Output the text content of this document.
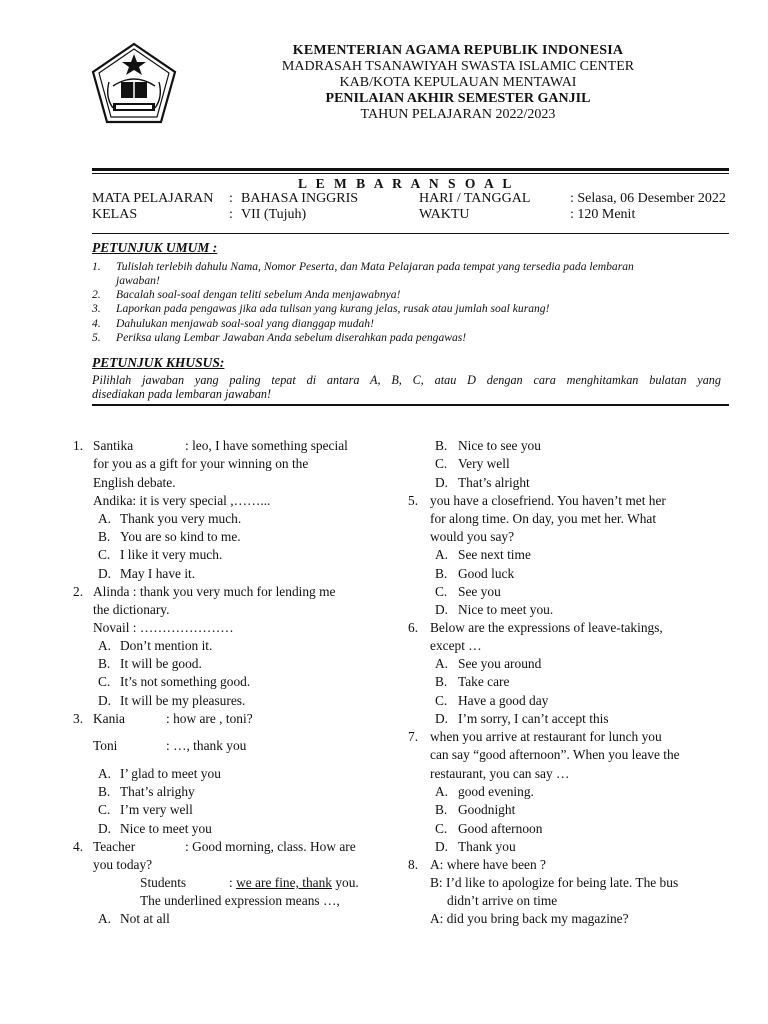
KEMENTERIAN AGAMA REPUBLIK INDONESIA
MADRASAH TSANAWIYAH SWASTA ISLAMIC CENTER
KAB/KOTA KEPULAUAN MENTAWAI
PENILAIAN AKHIR SEMESTER GANJIL
TAHUN PELAJARAN 2022/2023
L E M B A R A N S O A L
MATA PELAJARAN : BAHASA INGGRIS	HARI / TANGGAL	: Selasa, 06 Desember 2022
KELAS	: VII (Tujuh)	WAKTU	: 120 Menit
PETUNJUK UMUM :
1. Tulislah terlebih dahulu Nama, Nomor Peserta, dan Mata Pelajaran pada tempat yang tersedia pada lembaran
jawaban!
2. Bacalah soal-soal dengan teliti sebelum Anda menjawabnya!
3. Laporkan pada pengawas jika ada tulisan yang kurang jelas, rusak atau jumlah soal kurang!
4. Dahulukan menjawab soal-soal yang dianggap mudah!
5. Periksa ulang Lembar Jawaban Anda sebelum diserahkan pada pengawas!
PETUNJUK KHUSUS:
Pilihlah jawaban yang paling tepat di antara A, B, C, atau D dengan cara menghitamkan bulatan yang
disediakan pada lembaran jawaban!
1. Santika	: leo, I have something special
for you as a gift for your winning on the
English debate.
Andika: it is very special ,……...
A. Thank you very much.
B. You are so kind to me.
C. I like it very much.
D. May I have it.
2. Alinda : thank you very much for lending me
the dictionary.
Novail : …………………
A. Don’t mention it.
B. It will be good.
C. It’s not something good.
D. It will be my pleasures.
3. Kania	: how are , toni?
Toni	: …, thank you
A. I’ glad to meet you
B. That’s alrighy
C. I’m very well
D. Nice to meet you
4. Teacher	: Good morning, class. How are
you today?
Students	: we are fine, thank you.
The underlined expression means …,
A. Not at all
B. Nice to see you
C. Very well
D. That’s alright
5. you have a closefriend. You haven’t met her
for along time. On day, you met her. What
would you say?
A. See next time
B. Good luck
C. See you
D. Nice to meet you.
6. Below are the expressions of leave-takings,
except …
A. See you around
B. Take care
C. Have a good day
D. I’m sorry, I can’t accept this
7. when you arrive at restaurant for lunch you
can say “good afternoon”. When you leave the
restaurant, you can say …
A. good evening.
B. Goodnight
C. Good afternoon
D. Thank you
8. A: where have been ?
B: I’d like to apologize for being late. The bus
didn’t arrive on time
A: did you bring back my magazine?
